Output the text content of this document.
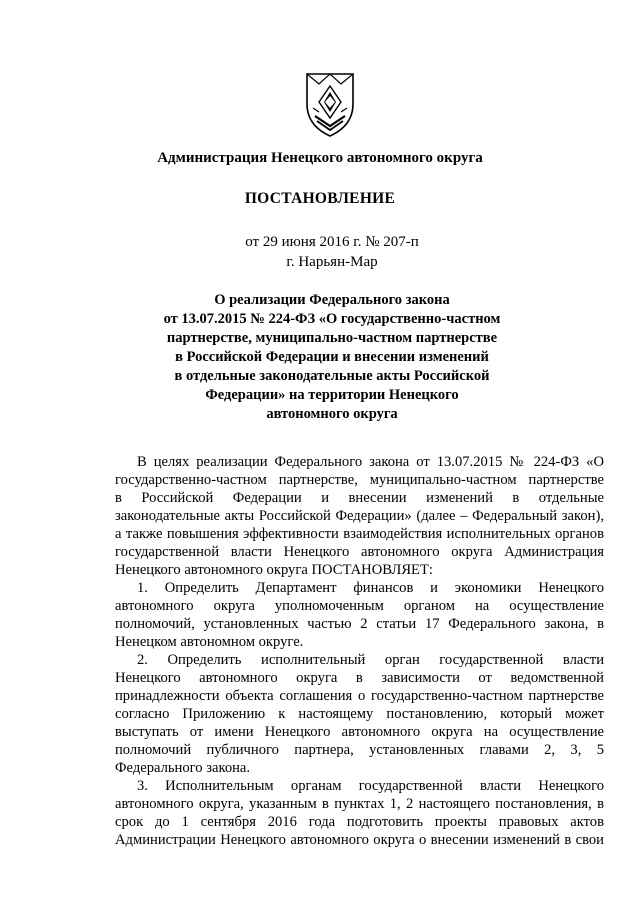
Администрация Ненецкого автономного округа
ПОСТАНОВЛЕНИЕ
от 29 июня 2016 г. № 207-п
г. Нарьян-Мар
О реализации Федерального закона
от 13.07.2015 № 224-ФЗ «О государственно-частном
партнерстве, муниципально-частном партнерстве
в Российской Федерации и внесении изменений
в отдельные законодательные акты Российской
Федерации» на территории Ненецкого
автономного округа
В целях реализации Федерального закона от 13.07.2015 № 224-ФЗ «О
государственно-частном партнерстве, муниципально-частном партнерстве
в Российской Федерации и внесении изменений в отдельные
законодательные акты Российской Федерации» (далее – Федеральный закон),
а также повышения эффективности взаимодействия исполнительных органов
государственной власти Ненецкого автономного округа Администрация
Ненецкого автономного округа ПОСТАНОВЛЯЕТ:
1. Определить Департамент финансов и экономики Ненецкого
автономного округа уполномоченным органом на осуществление
полномочий, установленных частью 2 статьи 17 Федерального закона, в
Ненецком автономном округе.
2. Определить исполнительный орган государственной власти
Ненецкого автономного округа в зависимости от ведомственной
принадлежности объекта соглашения о государственно-частном партнерстве
согласно Приложению к настоящему постановлению, который может
выступать от имени Ненецкого автономного округа на осуществление
полномочий публичного партнера, установленных главами 2, 3, 5
Федерального закона.
3. Исполнительным органам государственной власти Ненецкого
автономного округа, указанным в пунктах 1, 2 настоящего постановления, в
срок до 1 сентября 2016 года подготовить проекты правовых актов
Администрации Ненецкого автономного округа о внесении изменений в свои
